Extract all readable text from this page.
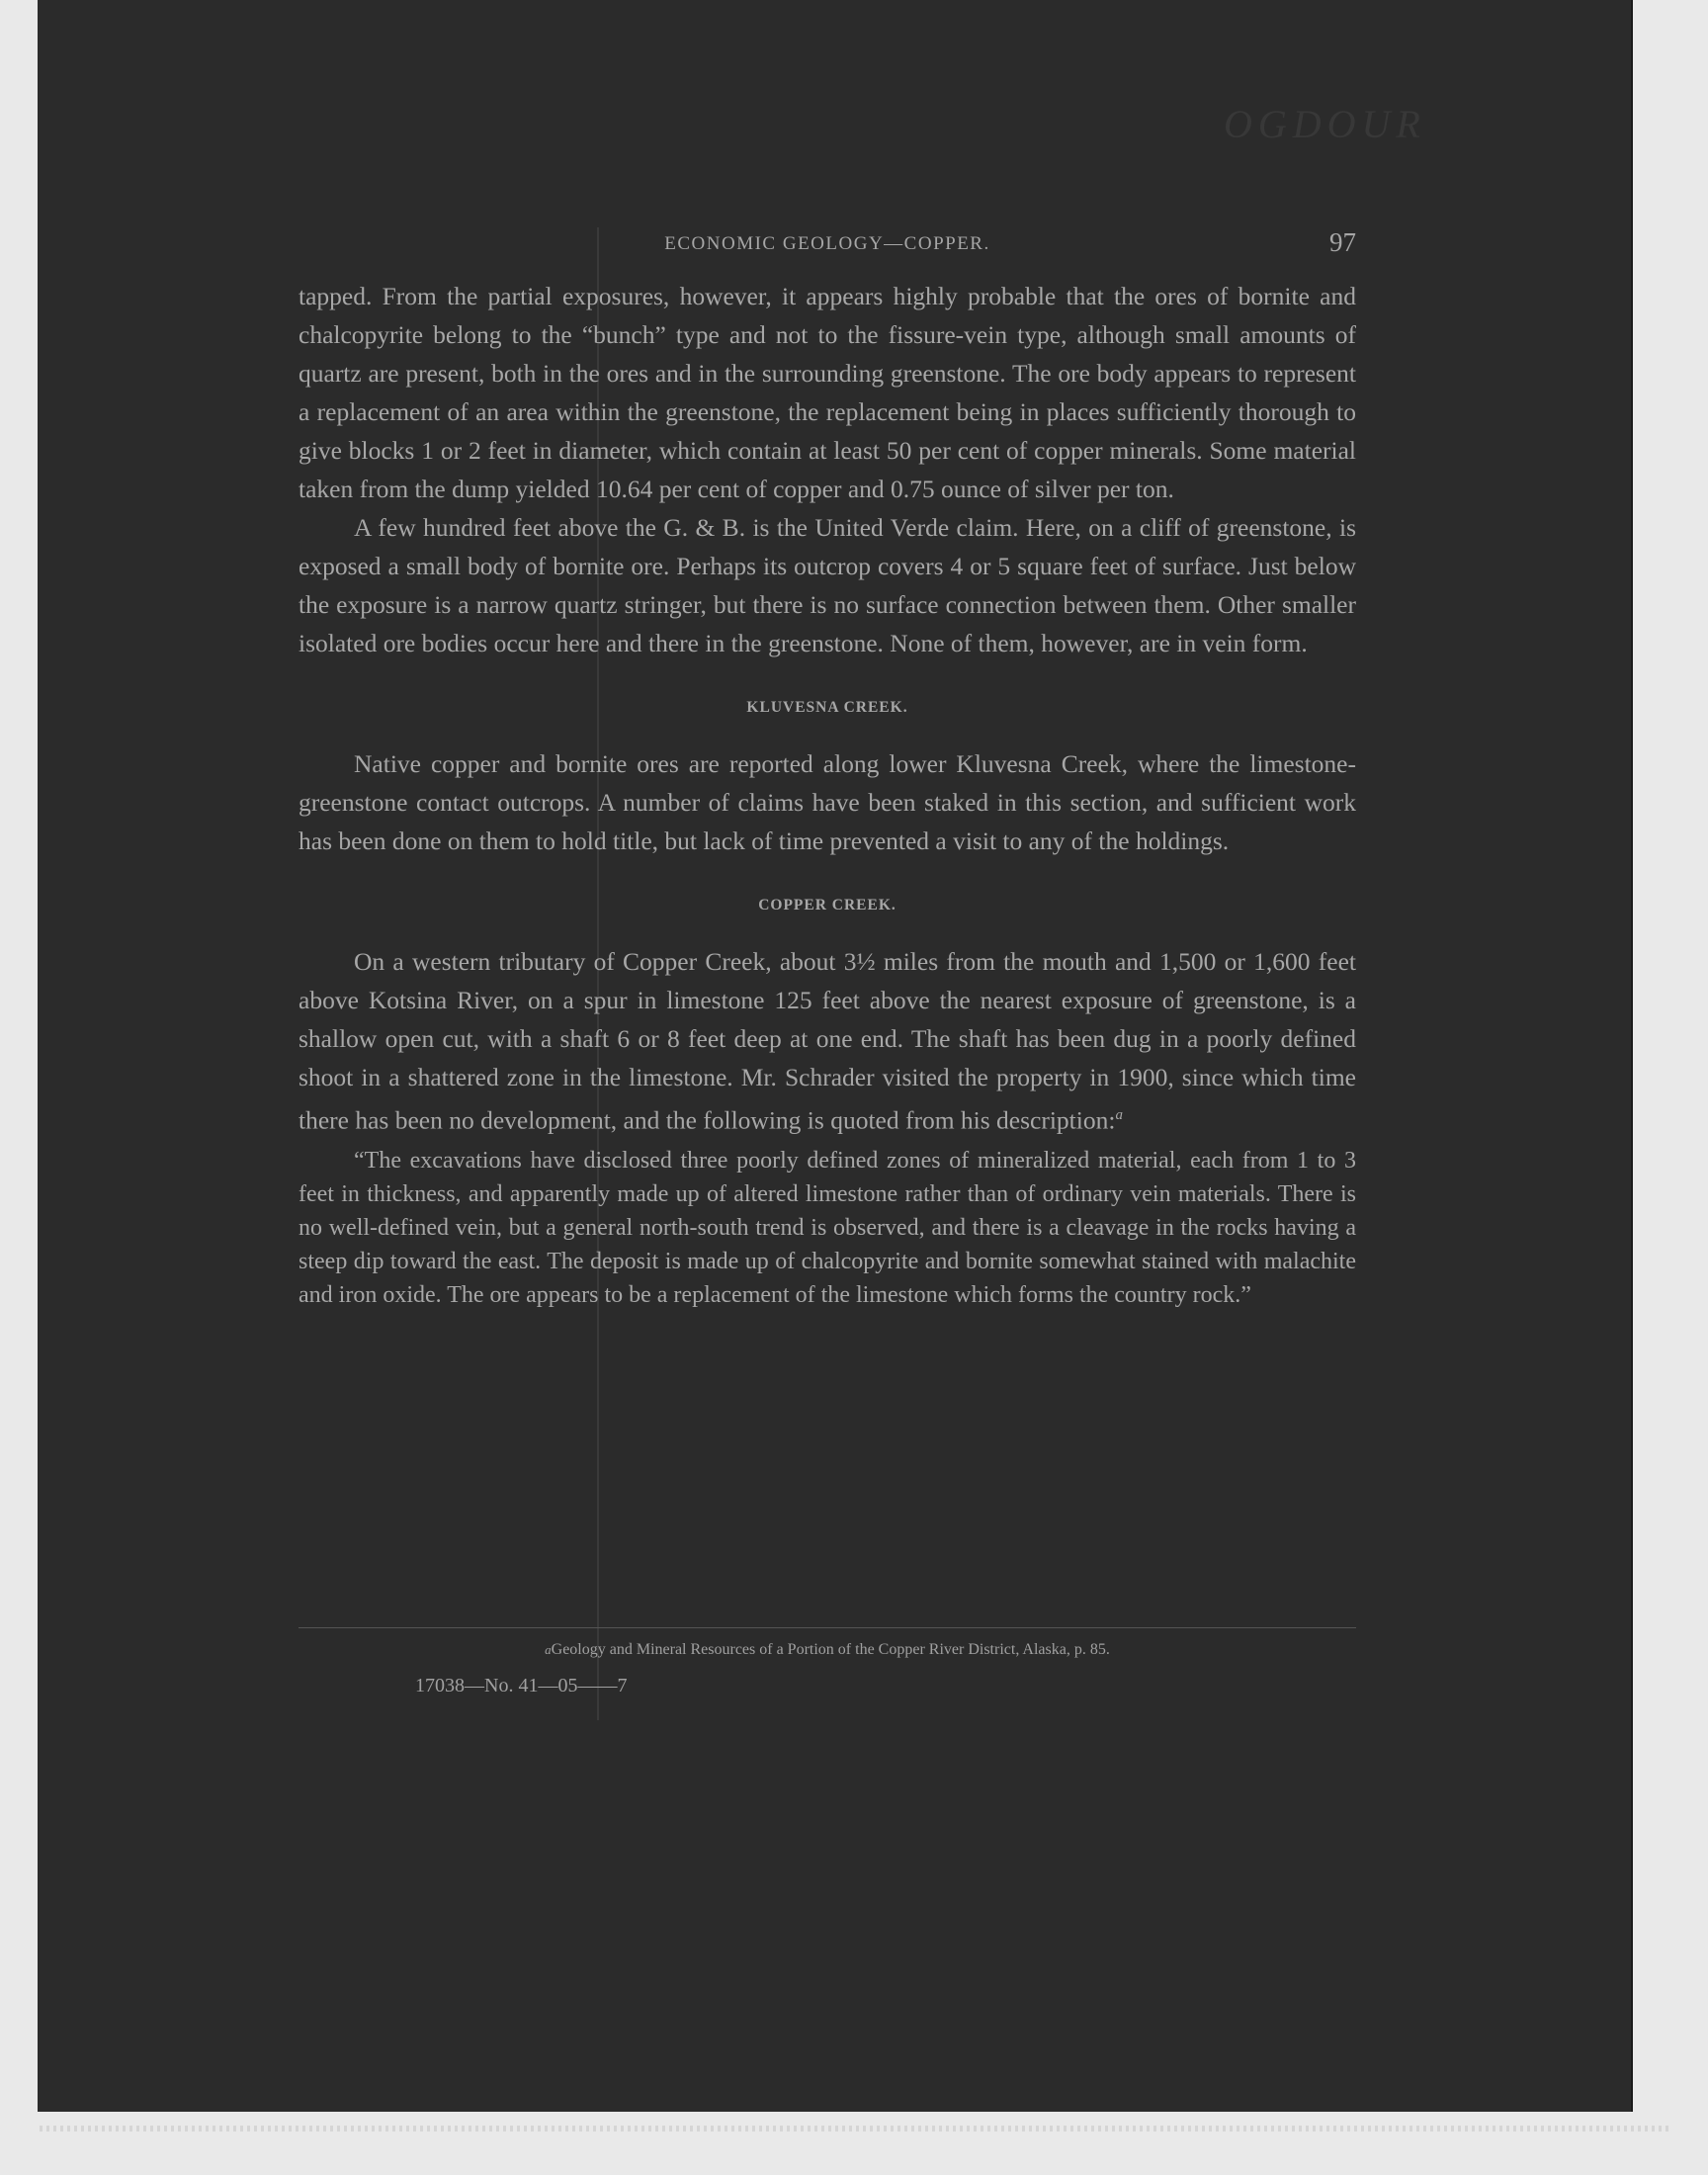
OGDOUR
ECONOMIC GEOLOGY—COPPER.	97

tapped. From the partial exposures, however, it appears highly probable that the ores of bornite and chalcopyrite belong to the “bunch” type and not to the fissure-vein type, although small amounts of quartz are present, both in the ores and in the surrounding greenstone. The ore body appears to represent a replacement of an area within the greenstone, the replacement being in places sufficiently thorough to give blocks 1 or 2 feet in diameter, which contain at least 50 per cent of copper minerals. Some material taken from the dump yielded 10.64 per cent of copper and 0.75 ounce of silver per ton.

A few hundred feet above the G. & B. is the United Verde claim. Here, on a cliff of greenstone, is exposed a small body of bornite ore. Perhaps its outcrop covers 4 or 5 square feet of surface. Just below the exposure is a narrow quartz stringer, but there is no surface connection between them. Other smaller isolated ore bodies occur here and there in the greenstone. None of them, however, are in vein form.

KLUVESNA CREEK.

Native copper and bornite ores are reported along lower Kluvesna Creek, where the limestone-greenstone contact outcrops. A number of claims have been staked in this section, and sufficient work has been done on them to hold title, but lack of time prevented a visit to any of the holdings.

COPPER CREEK.

On a western tributary of Copper Creek, about 3½ miles from the mouth and 1,500 or 1,600 feet above Kotsina River, on a spur in limestone 125 feet above the nearest exposure of greenstone, is a shallow open cut, with a shaft 6 or 8 feet deep at one end. The shaft has been dug in a poorly defined shoot in a shattered zone in the limestone. Mr. Schrader visited the property in 1900, since which time there has been no development, and the following is quoted from his description:$^a$

“The excavations have disclosed three poorly defined zones of mineralized material, each from 1 to 3 feet in thickness, and apparently made up of altered limestone rather than of ordinary vein materials. There is no well-defined vein, but a general north-south trend is observed, and there is a cleavage in the rocks having a steep dip toward the east. The deposit is made up of chalcopyrite and bornite somewhat stained with malachite and iron oxide. The ore appears to be a replacement of the limestone which forms the country rock.”

aGeology and Mineral Resources of a Portion of the Copper River District, Alaska, p. 85.
17038—No. 41—05——7
